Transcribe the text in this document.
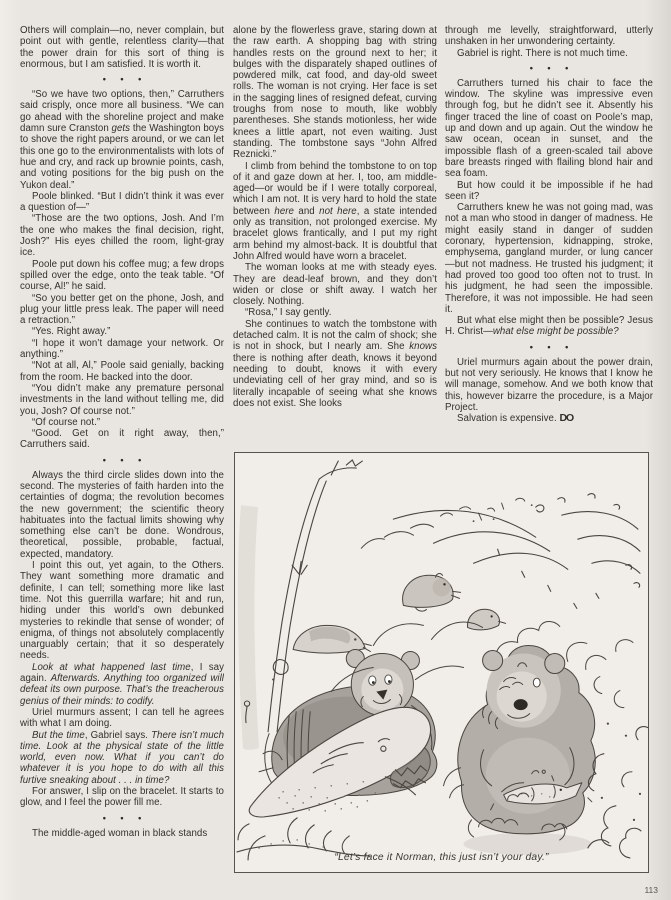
Others will complain—no, never complain, but point out with gentle, relentless clarity—that the power drain for this sort of thing is enormous, but I am satisfied. It is worth it.

• • •

“So we have two options, then,” Carruthers said crisply, once more all business. “We can go ahead with the shoreline project and make damn sure Cranston gets the Washington boys to shove the right papers around, or we can let this one go to the environmentalists with lots of hue and cry, and rack up brownie points, cash, and voting positions for the big push on the Yukon deal.”

Poole blinked. “But I didn’t think it was ever a question of—”

“Those are the two options, Josh. And I’m the one who makes the final decision, right, Josh?” His eyes chilled the room, light-gray ice.

Poole put down his coffee mug; a few drops spilled over the edge, onto the teak table. “Of course, Al!” he said.

“So you better get on the phone, Josh, and plug your little press leak. The paper will need a retraction.”

“Yes. Right away.”

“I hope it won’t damage your network. Or anything.”

“Not at all, Al,” Poole said genially, backing from the room. He backed into the door.

“You didn’t make any premature personal investments in the land without telling me, did you, Josh? Of course not.”

“Of course not.”

“Good. Get on it right away, then,” Carruthers said.

• • •

Always the third circle slides down into the second. The mysteries of faith harden into the certainties of dogma; the revolution becomes the new government; the scientific theory habituates into the factual limits showing why something else can’t be done. Wondrous, theoretical, possible, probable, factual, expected, mandatory.

I point this out, yet again, to the Others. They want something more dramatic and definite, I can tell; something more like last time. Not this guerrilla warfare; hit and run, hiding under this world’s own debunked mysteries to rekindle that sense of wonder; of enigma, of things not absolutely complacently unarguably certain; that it so desperately needs.

Look at what happened last time, I say again. Afterwards. Anything too organized will defeat its own purpose. That’s the treacherous genius of their minds: to codify.

Uriel murmurs assent; I can tell he agrees with what I am doing.

But the time, Gabriel says. There isn’t much time. Look at the physical state of the little world, even now. What if you can’t do whatever it is you hope to do with all this furtive sneaking about . . . in time?

For answer, I slip on the bracelet. It starts to glow, and I feel the power fill me.

• • •

The middle-aged woman in black stands

alone by the flowerless grave, staring down at the raw earth. A shopping bag with string handles rests on the ground next to her; it bulges with the disparately shaped outlines of powdered milk, cat food, and day-old sweet rolls. The woman is not crying. Her face is set in the sagging lines of resigned defeat, curving troughs from nose to mouth, like wobbly parentheses. She stands motionless, her wide knees a little apart, not even waiting. Just standing. The tombstone says “John Alfred Reznicki.”

I climb from behind the tombstone to on top of it and gaze down at her. I, too, am middle-aged—or would be if I were totally corporeal, which I am not. It is very hard to hold the state between here and not here, a state intended only as transition, not prolonged exercise. My bracelet glows frantically, and I put my right arm behind my almost-back. It is doubtful that John Alfred would have worn a bracelet.

The woman looks at me with steady eyes. They are dead-leaf brown, and they don’t widen or close or shift away. I watch her closely. Nothing.

“Rosa,” I say gently.

She continues to watch the tombstone with detached calm. It is not the calm of shock; she is not in shock, but I nearly am. She knows there is nothing after death, knows it beyond needing to doubt, knows it with every undeviating cell of her gray mind, and so is literally incapable of seeing what she knows does not exist. She looks

through me levelly, straightforward, utterly unshaken in her unwondering certainty.

Gabriel is right. There is not much time.

• • •

Carruthers turned his chair to face the window. The skyline was impressive even through fog, but he didn’t see it. Absently his finger traced the line of coast on Poole’s map, up and down and up again. Out the window he saw ocean, ocean in sunset, and the impossible flash of a green-scaled tail above bare breasts ringed with flailing blond hair and sea foam.

But how could it be impossible if he had seen it?

Carruthers knew he was not going mad, was not a man who stood in danger of madness. He might easily stand in danger of sudden coronary, hypertension, kidnapping, stroke, emphysema, gangland murder, or lung cancer—but not madness. He trusted his judgment; it had proved too good too often not to trust. In his judgment, he had seen the impossible. Therefore, it was not impossible. He had seen it.

But what else might then be possible? Jesus H. Christ—what else might be possible?

• • •

Uriel murmurs again about the power drain, but not very seriously. He knows that I know he will manage, somehow. And we both know that this, however bizarre the procedure, is a Major Project.

Salvation is expensive. DO

“Let’s face it Norman, this just isn’t your day.”
113
